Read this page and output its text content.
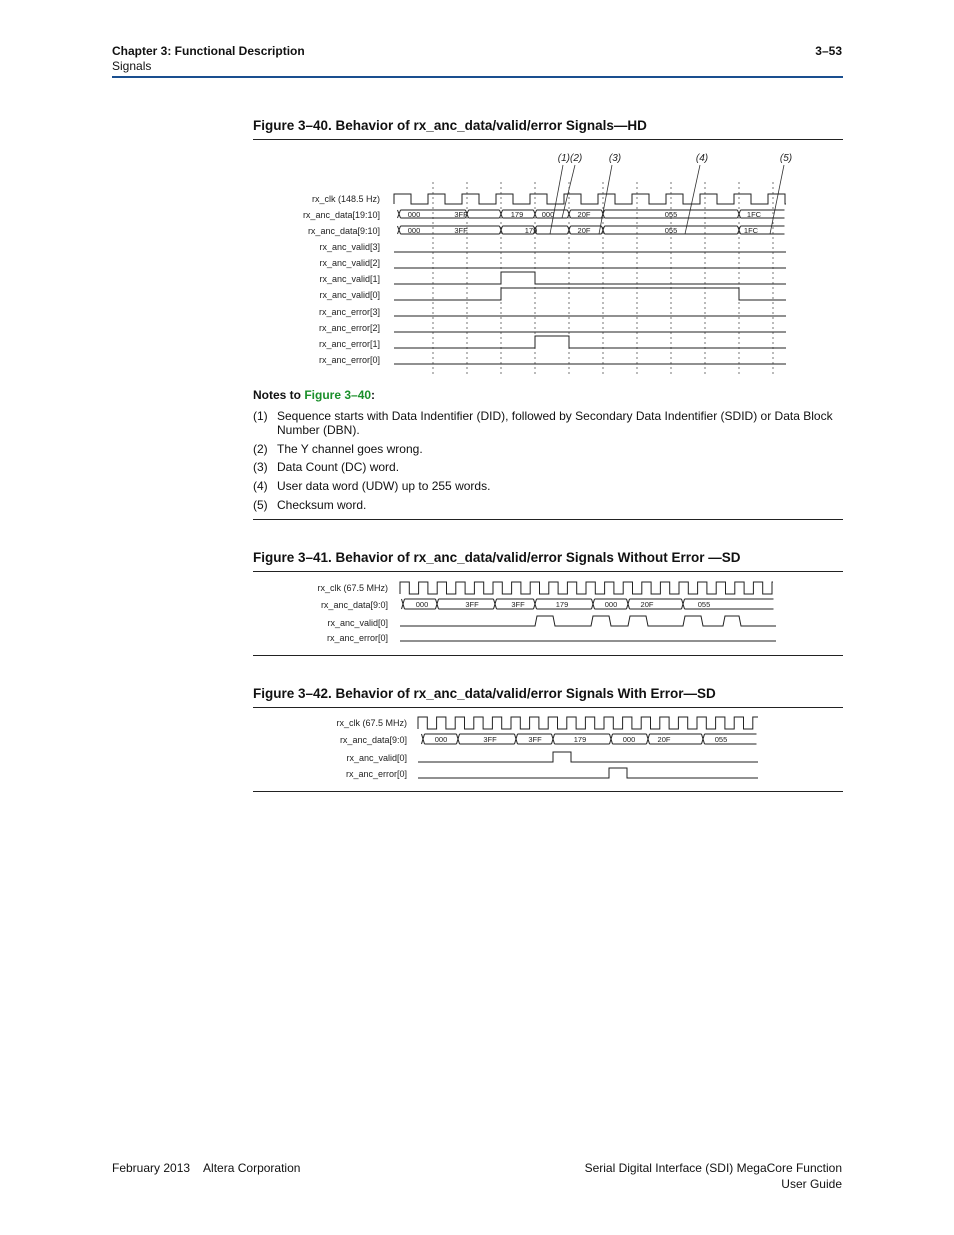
Chapter 3: Functional Description
Signals
3–53
Figure 3–40. Behavior of rx_anc_data/valid/error Signals—HD
rx_clk (148.5 Hz)
rx_anc_data[19:10]
rx_anc_data[9:10]
rx_anc_valid[3]
rx_anc_valid[2]
rx_anc_valid[1]
rx_anc_valid[0]
rx_anc_error[3]
rx_anc_error[2]
rx_anc_error[1]
rx_anc_error[0]
(1)(2)	(3)	(4)	(5)
000	3FF	179 000	20F	055	1FC
000	3FF	179	20F	055	1FC
Notes to Figure 3–40:
(1) Sequence starts with Data Indentifier (DID), followed by Secondary Data Indentifier (SDID) or Data Block Number (DBN).
(2) The Y channel goes wrong.
(3) Data Count (DC) word.
(4) User data word (UDW) up to 255 words.
(5) Checksum word.
Figure 3–41. Behavior of rx_anc_data/valid/error Signals Without Error —SD
rx_clk (67.5 MHz)
rx_anc_data[9:0]
rx_anc_valid[0]
rx_anc_error[0]
000	3FF	3FF	179	000	20F	055
Figure 3–42. Behavior of rx_anc_data/valid/error Signals With Error—SD
rx_clk (67.5 MHz)
rx_anc_data[9:0]
rx_anc_valid[0]
rx_anc_error[0]
000	3FF	3FF	179	000	20F	055
February 2013 Altera Corporation	Serial Digital Interface (SDI) MegaCore Function
User Guide
